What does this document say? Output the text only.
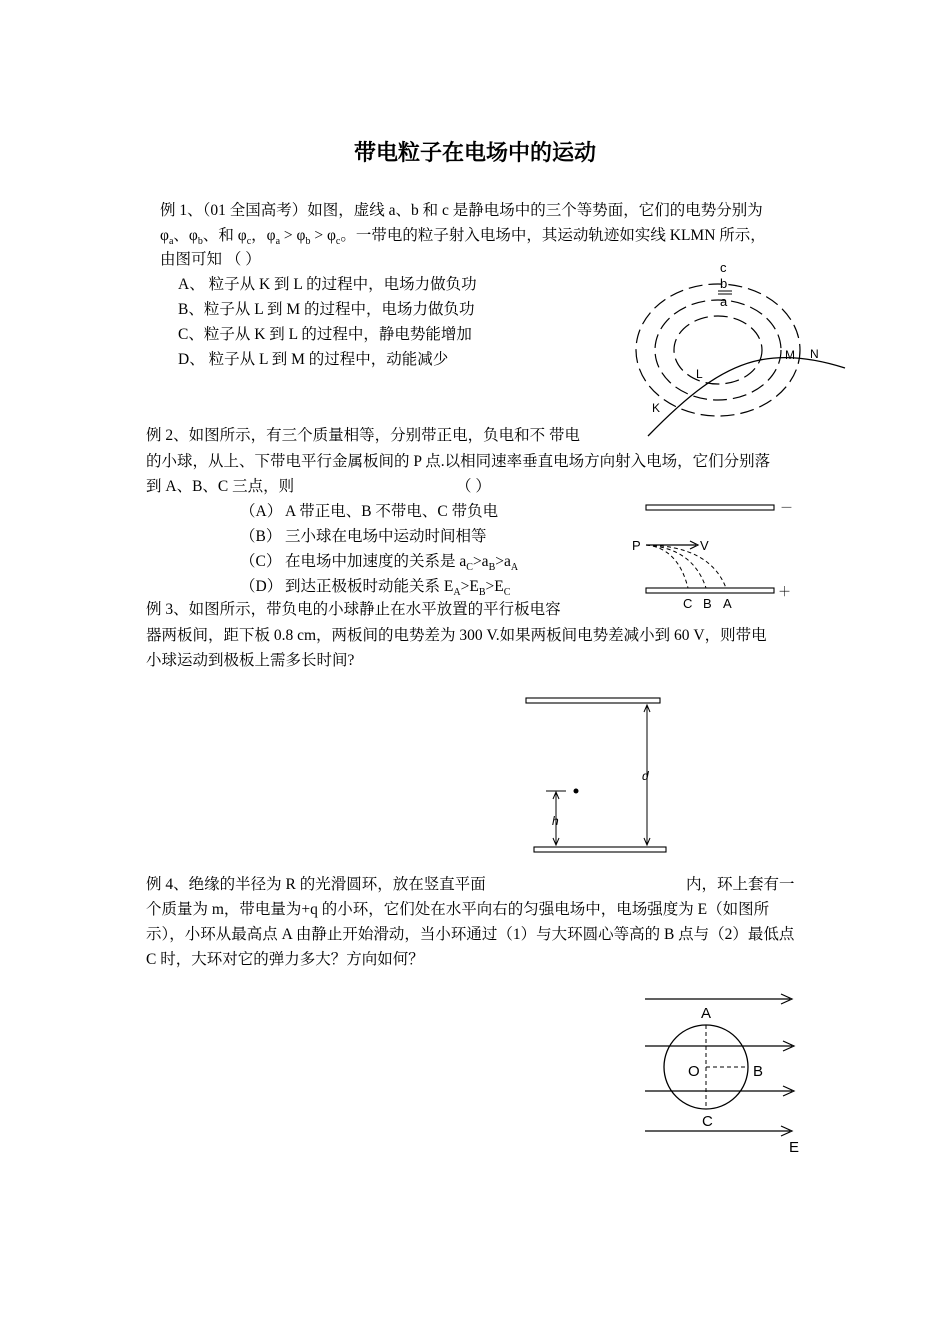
带电粒子在电场中的运动
例 1、（01 全国高考）如图，虚线 a、b 和 c 是静电场中的三个等势面，它们的电势分别为
$\varphi_a$、$\varphi_b$、和 $\varphi_c$，$\varphi_a > \varphi_b > \varphi_c$。一带电的粒子射入电场中，其运动轨迹如实线 KLMN 所示，
由图可知 （ ）
A、 粒子从 K 到 L 的过程中，电场力做负功
B、粒子从 L 到 M 的过程中，电场力做负功
C、粒子从 K 到 L 的过程中，静电势能增加
D、 粒子从 L 到 M 的过程中，动能减少
c
b
a
K
L
M N
例 2、如图所示，有三个质量相等，分别带正电，负电和不 带电
的小球，从上、下带电平行金属板间的 P 点.以相同速率垂直电场方向射入电场，它们分别落
到 A、B、C 三点，则	（ ）
（A） A 带正电、B 不带电、C 带负电
（B） 三小球在电场中运动时间相等
（C） 在电场中加速度的关系是 $a_C>a_B>a_A$
（D） 到达正极板时动能关系 $E_A>E_B>E_C$
－
＋
P	V
C B A
例 3、如图所示，带负电的小球静止在水平放置的平行板电容
器两板间，距下板 0.8 cm，两板间的电势差为 300 V.如果两板间电势差减小到 60 V，则带电
小球运动到极板上需多长时间?
d
h
例 4、绝缘的半径为 R 的光滑圆环，放在竖直平面	内，环上套有一
个质量为 m，带电量为+q 的小环，它们处在水平向右的匀强电场中，电场强度为 E（如图所
示），小环从最高点 A 由静止开始滑动，当小环通过（1）与大环圆心等高的 B 点与（2）最低点
C 时，大环对它的弹力多大？方向如何？
A
O	B
C
E
